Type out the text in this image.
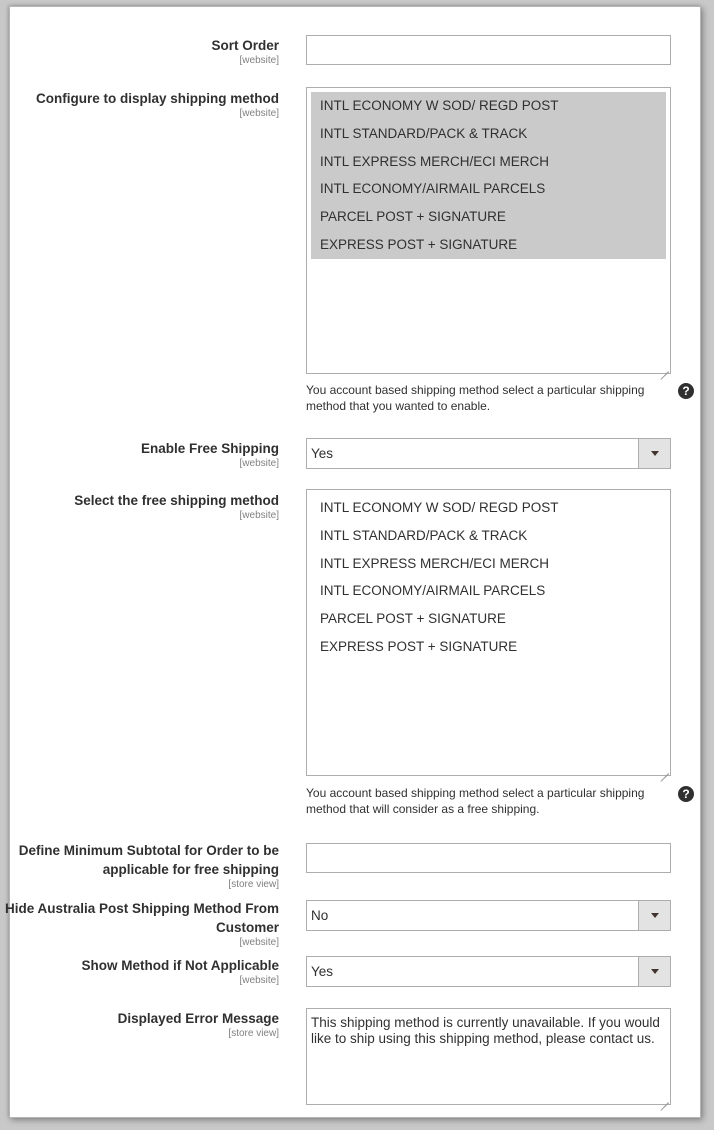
Sort Order
[website]
Configure to display shipping method
[website]
INTL ECONOMY W SOD/ REGD POST
INTL STANDARD/PACK & TRACK
INTL EXPRESS MERCH/ECI MERCH
INTL ECONOMY/AIRMAIL PARCELS
PARCEL POST + SIGNATURE
EXPRESS POST + SIGNATURE
You account based shipping method select a particular shipping method that you wanted to enable.
?
Enable Free Shipping
[website]
Yes
Select the free shipping method
[website]
INTL ECONOMY W SOD/ REGD POST
INTL STANDARD/PACK & TRACK
INTL EXPRESS MERCH/ECI MERCH
INTL ECONOMY/AIRMAIL PARCELS
PARCEL POST + SIGNATURE
EXPRESS POST + SIGNATURE
You account based shipping method select a particular shipping method that will consider as a free shipping.
?
Define Minimum Subtotal for Order to be
applicable for free shipping
[store view]
Hide Australia Post Shipping Method From
Customer
[website]
No
Show Method if Not Applicable
[website]
Yes
Displayed Error Message
[store view]
This shipping method is currently unavailable. If you would like to ship using this shipping method, please contact us.
